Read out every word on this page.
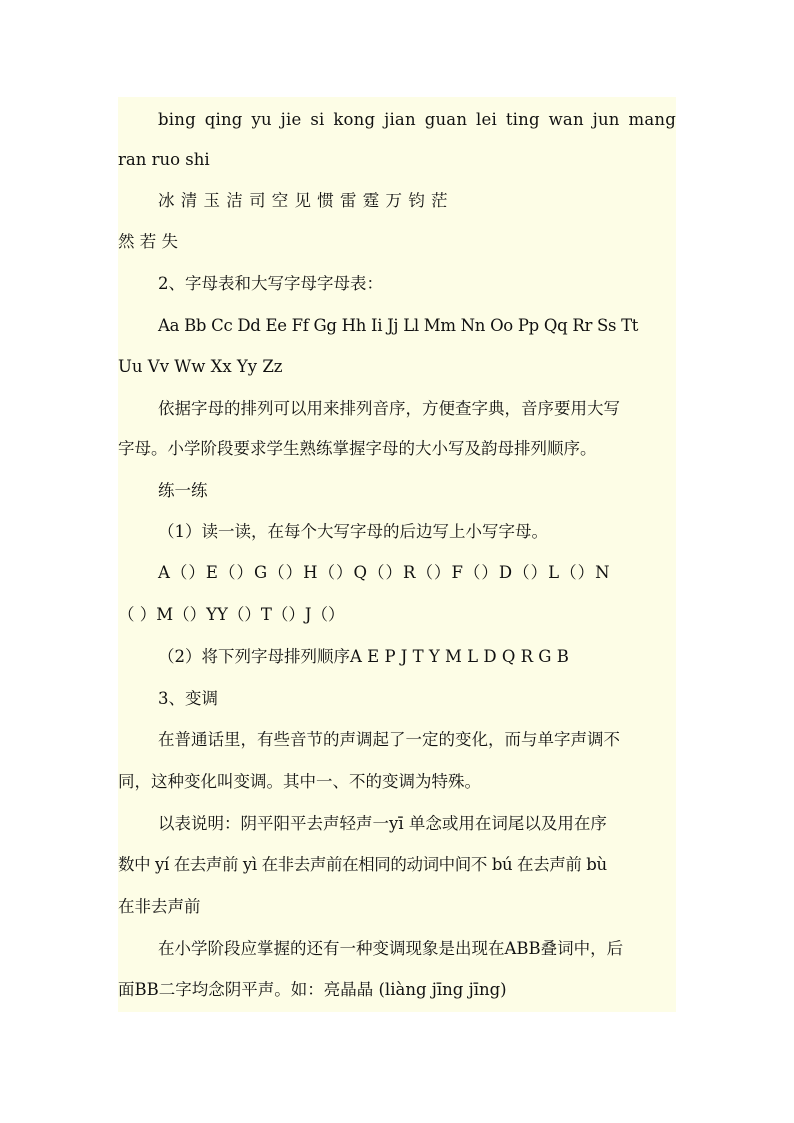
bing qing yu jie si kong jian guan lei ting wan jun mang
ran ruo shi
冰 清 玉 洁 司 空 见 惯 雷 霆 万 钧 茫
然 若 失
2、字母表和大写字母字母表：
Aa Bb Cc Dd Ee Ff Gg Hh Ii Jj Ll Mm Nn Oo Pp Qq Rr Ss Tt
Uu Vv Ww Xx Yy Zz
依据字母的排列可以用来排列音序，方便查字典，音序要用大写
字母。小学阶段要求学生熟练掌握字母的大小写及韵母排列顺序。
练一练
（1）读一读，在每个大写字母的后边写上小写字母。
A（）E（）G（）H（）Q（）R（）F（）D（）L（）N
（ ）M（）YY（）T（）J（）
（2）将下列字母排列顺序A E P J T Y M L D Q R G B
3、变调
在普通话里，有些音节的声调起了一定的变化，而与单字声调不
同，这种变化叫变调。其中一、不的变调为特殊。
以表说明：阴平阳平去声轻声一yī 单念或用在词尾以及用在序
数中 yí 在去声前 yì 在非去声前在相同的动词中间不 bú 在去声前 bù
在非去声前
在小学阶段应掌握的还有一种变调现象是出现在ABB叠词中，后
面BB二字均念阴平声。如：亮晶晶 (liàng jīng jīng)
